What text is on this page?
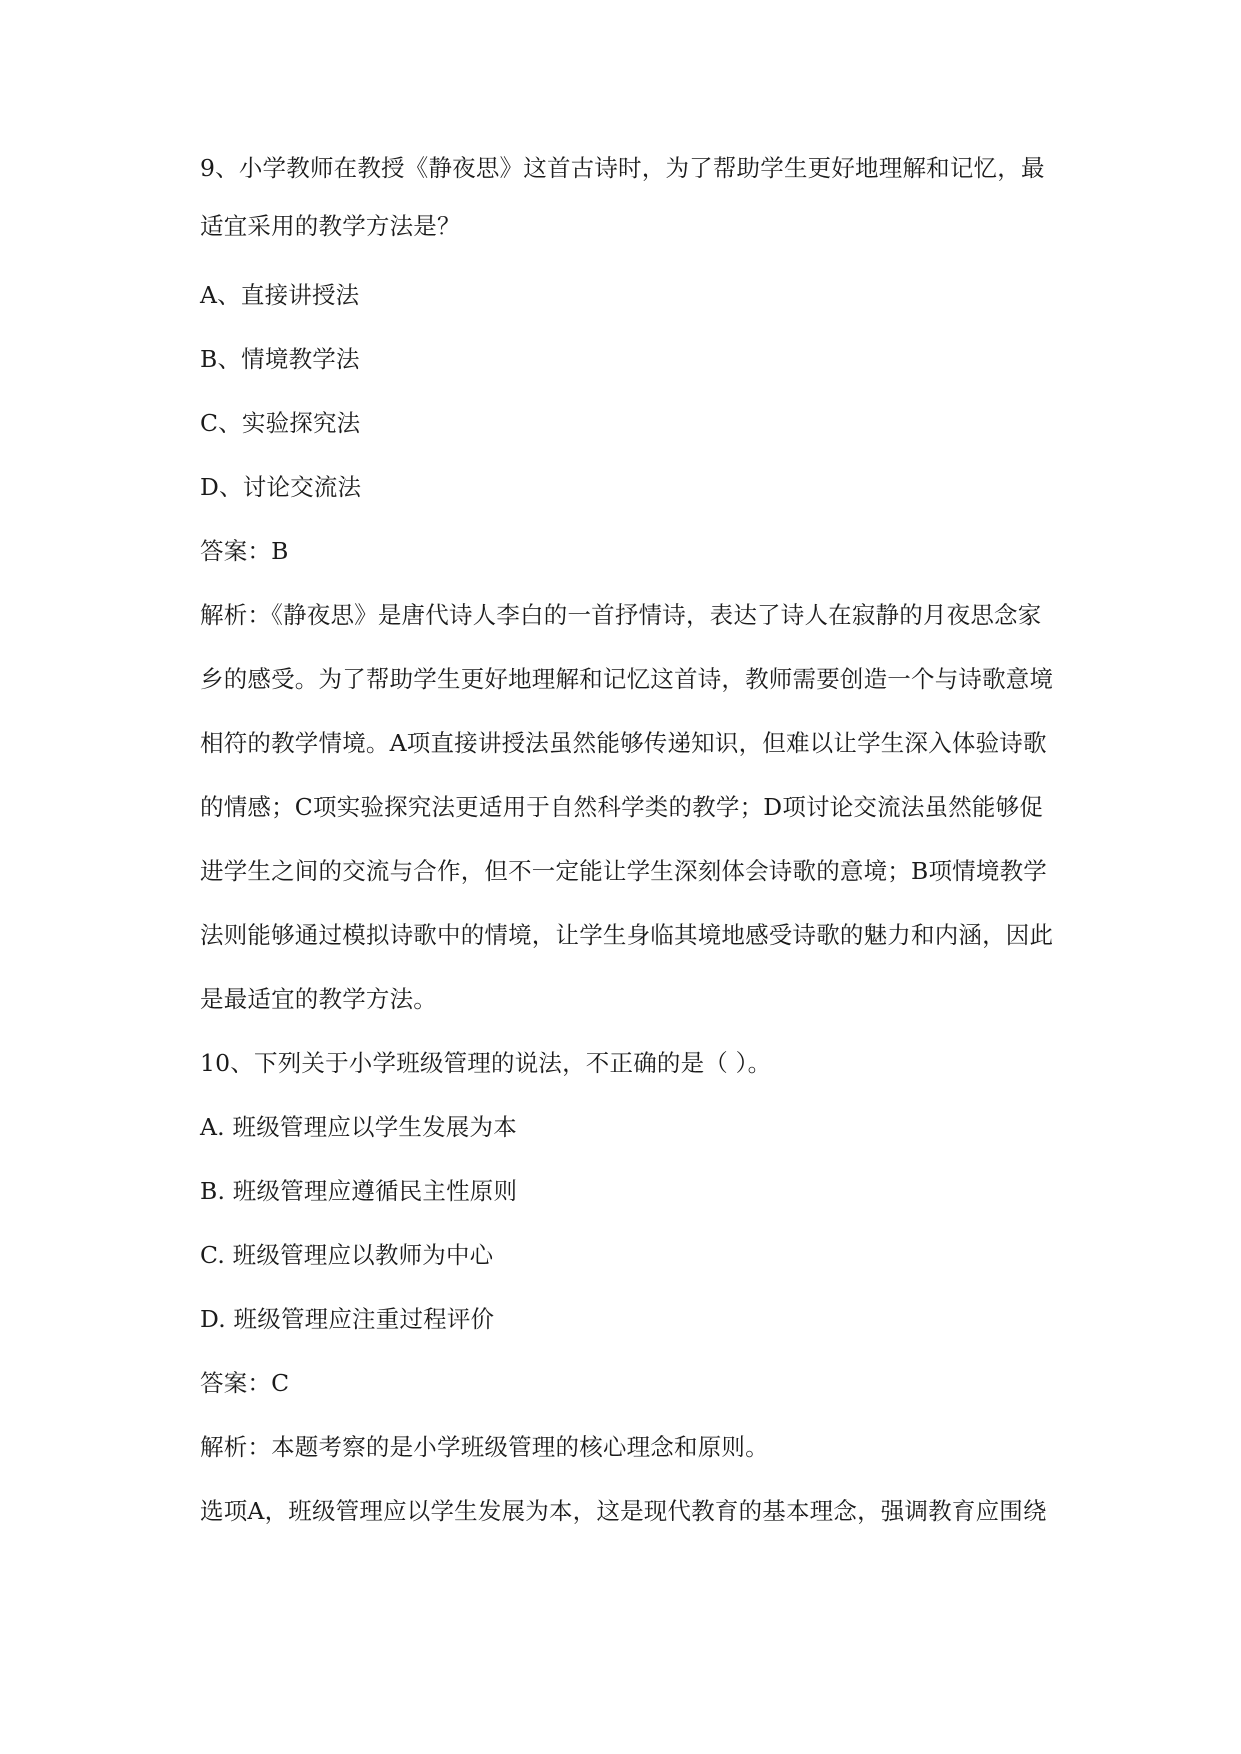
9、小学教师在教授《静夜思》这首古诗时，为了帮助学生更好地理解和记忆，最
适宜采用的教学方法是？
A、直接讲授法
B、情境教学法
C、实验探究法
D、讨论交流法
答案：B
解析：《静夜思》是唐代诗人李白的一首抒情诗，表达了诗人在寂静的月夜思念家
乡的感受。为了帮助学生更好地理解和记忆这首诗，教师需要创造一个与诗歌意境
相符的教学情境。A项直接讲授法虽然能够传递知识，但难以让学生深入体验诗歌
的情感；C项实验探究法更适用于自然科学类的教学；D项讨论交流法虽然能够促
进学生之间的交流与合作，但不一定能让学生深刻体会诗歌的意境；B项情境教学
法则能够通过模拟诗歌中的情境，让学生身临其境地感受诗歌的魅力和内涵，因此
是最适宜的教学方法。
10、下列关于小学班级管理的说法，不正确的是（ ）。
A. 班级管理应以学生发展为本
B. 班级管理应遵循民主性原则
C. 班级管理应以教师为中心
D. 班级管理应注重过程评价
答案：C
解析：本题考察的是小学班级管理的核心理念和原则。
选项A，班级管理应以学生发展为本，这是现代教育的基本理念，强调教育应围绕
